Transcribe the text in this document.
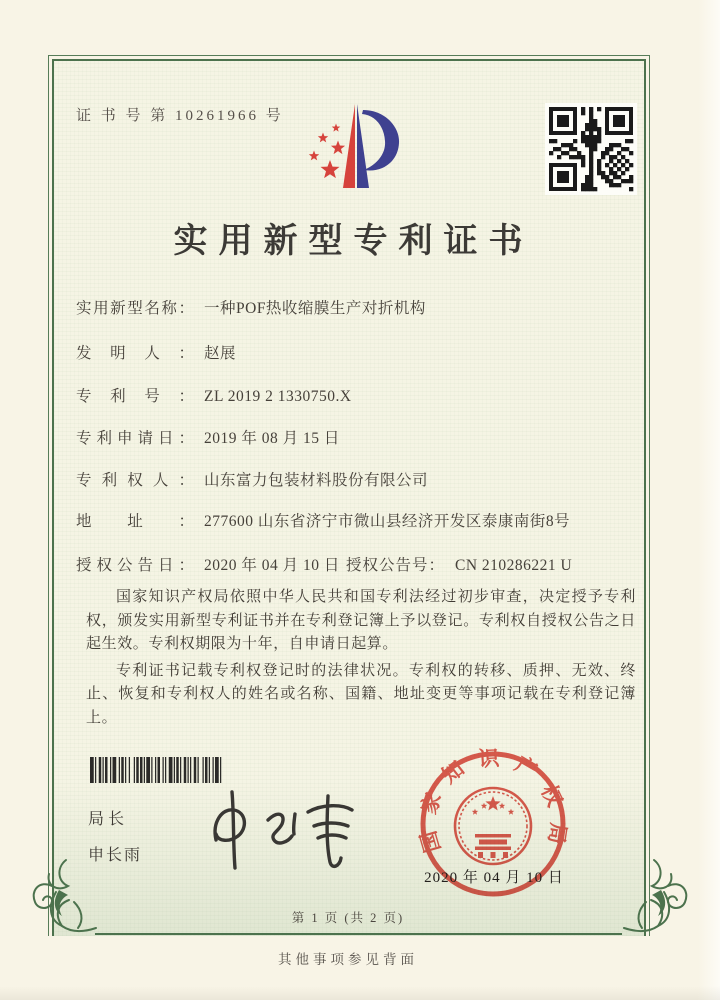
证 书 号 第 10261966 号
实用新型专利证书
实用新型名称： 一种POF热收缩膜生产对折机构
发明人： 赵展
专利号： ZL 2019 2 1330750.X
专利申请日： 2019 年 08 月 15 日
专利权人： 山东富力包装材料股份有限公司
地址： 277600 山东省济宁市微山县经济开发区泰康南街8号
授权公告日： 2020 年 04 月 10 日 授权公告号： CN 210286221 U

国家知识产权局依照中华人民共和国专利法经过初步审查，决定授予专利权，颁发实用新型专利证书并在专利登记簿上予以登记。专利权自授权公告之日起生效。专利权期限为十年，自申请日起算。

专利证书记载专利权登记时的法律状况。专利权的转移、质押、无效、终止、恢复和专利权人的姓名或名称、国籍、地址变更等事项记载在专利登记簿上。

局长
申长雨
国家知识产权局
2020 年 04 月 10 日
第 1 页 (共 2 页)
其他事项参见背面
